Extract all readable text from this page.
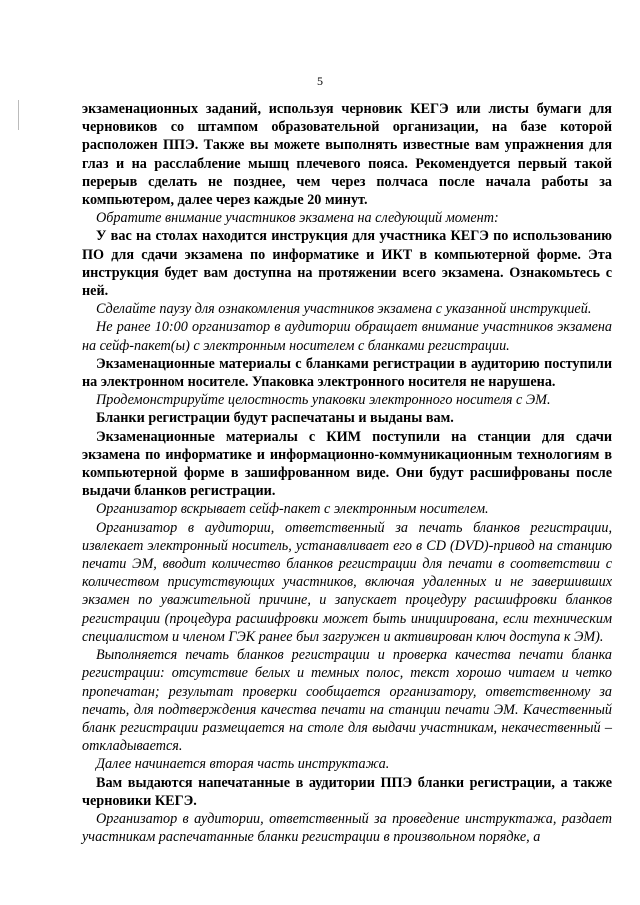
5

экзаменационных заданий, используя черновик КЕГЭ или листы бумаги для черновиков со штампом образовательной организации, на базе которой расположен ППЭ. Также вы можете выполнять известные вам упражнения для глаз и на расслабление мышц плечевого пояса. Рекомендуется первый такой перерыв сделать не позднее, чем через полчаса после начала работы за компьютером, далее через каждые 20 минут.

Обратите внимание участников экзамена на следующий момент:

У вас на столах находится инструкция для участника КЕГЭ по использованию ПО для сдачи экзамена по информатике и ИКТ в компьютерной форме. Эта инструкция будет вам доступна на протяжении всего экзамена. Ознакомьтесь с ней.

Сделайте паузу для ознакомления участников экзамена с указанной инструкцией.

Не ранее 10:00 организатор в аудитории обращает внимание участников экзамена на сейф-пакет(ы) с электронным носителем с бланками регистрации.

Экзаменационные материалы с бланками регистрации в аудиторию поступили на электронном носителе. Упаковка электронного носителя не нарушена.

Продемонстрируйте целостность упаковки электронного носителя с ЭМ.

Бланки регистрации будут распечатаны и выданы вам.

Экзаменационные материалы с КИМ поступили на станции для сдачи экзамена по информатике и информационно-коммуникационным технологиям в компьютерной форме в зашифрованном виде. Они будут расшифрованы после выдачи бланков регистрации.

Организатор вскрывает сейф-пакет с электронным носителем.

Организатор в аудитории, ответственный за печать бланков регистрации, извлекает электронный носитель, устанавливает его в CD (DVD)-привод на станцию печати ЭМ, вводит количество бланков регистрации для печати в соответствии с количеством присутствующих участников, включая удаленных и не завершивших экзамен по уважительной причине, и запускает процедуру расшифровки бланков регистрации (процедура расшифровки может быть инициирована, если техническим специалистом и членом ГЭК ранее был загружен и активирован ключ доступа к ЭМ).

Выполняется печать бланков регистрации и проверка качества печати бланка регистрации: отсутствие белых и темных полос, текст хорошо читаем и четко пропечатан; результат проверки сообщается организатору, ответственному за печать, для подтверждения качества печати на станции печати ЭМ. Качественный бланк регистрации размещается на столе для выдачи участникам, некачественный – откладывается.

Далее начинается вторая часть инструктажа.

Вам выдаются напечатанные в аудитории ППЭ бланки регистрации, а также черновики КЕГЭ.

Организатор в аудитории, ответственный за проведение инструктажа, раздает участникам распечатанные бланки регистрации в произвольном порядке, а
